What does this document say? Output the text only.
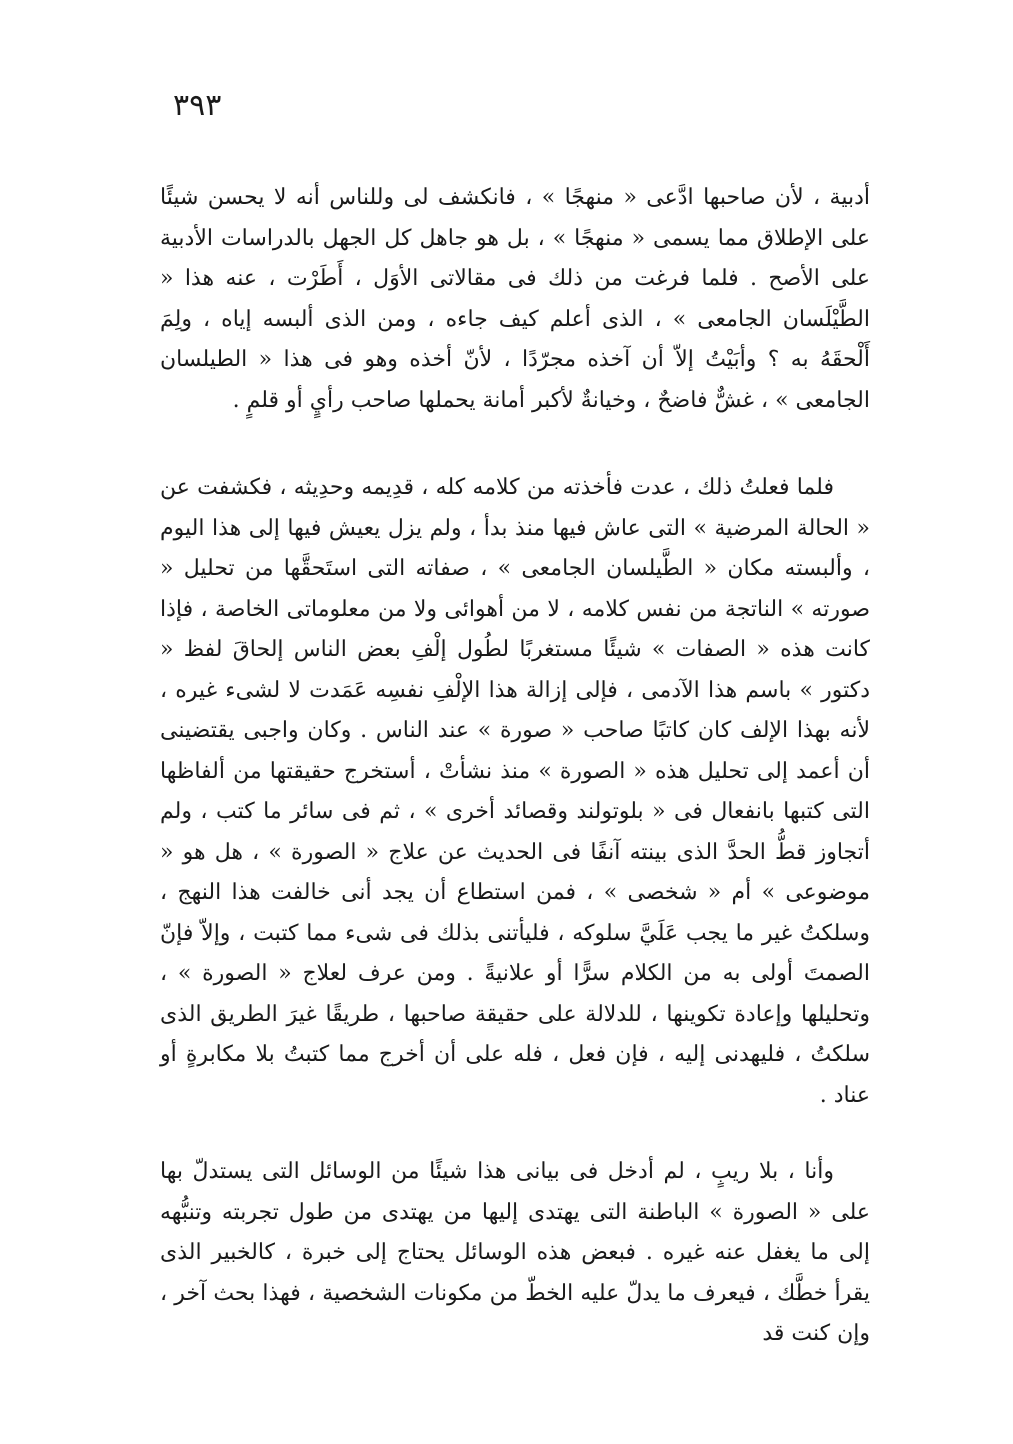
٣٩٣

أدبية ، لأن صاحبها ادَّعى « منهجًا » ، فانكشف لى وللناس أنه لا يحسن شيئًا على الإطلاق مما يسمى « منهجًا » ، بل هو جاهل كل الجهل بالدراسات الأدبية على الأصح . فلما فرغت من ذلك فى مقالاتى الأوَل ، أَطَرْت ، عنه هذا « الطَّيْلَسان الجامعى » ، الذى أعلم كيف جاءه ، ومن الذى ألبسه إياه ، ولِمَ أَلْحقَهُ به ؟ وأبَيْتُ إلاّ أن آخذه مجرّدًا ، لأنّ أخذه وهو فى هذا « الطيلسان الجامعى » ، غشٌّ فاضحٌ ، وخيانةٌ لأكبر أمانة يحملها صاحب رأيٍ أو قلمٍ .

فلما فعلتُ ذلك ، عدت فأخذته من كلامه كله ، قدِيمه وحدِيثه ، فكشفت عن « الحالة المرضية » التى عاش فيها منذ بدأ ، ولم يزل يعيش فيها إلى هذا اليوم ، وألبسته مكان « الطَّيلسان الجامعى » ، صفاته التى استَحقَّها من تحليل « صورته » الناتجة من نفس كلامه ، لا من أهوائى ولا من معلوماتى الخاصة ، فإذا كانت هذه « الصفات » شيئًا مستغربًا لطُول إلْفِ بعض الناس إلحاقَ لفظ « دكتور » باسم هذا الآدمى ، فإلى إزالة هذا الإلْفِ نفسِه عَمَدت لا لشىء غيره ، لأنه بهذا الإلف كان كاتبًا صاحب « صورة » عند الناس . وكان واجبى يقتضينى أن أعمد إلى تحليل هذه « الصورة » منذ نشأتْ ، أستخرج حقيقتها من ألفاظها التى كتبها بانفعال فى « بلوتولند وقصائد أخرى » ، ثم فى سائر ما كتب ، ولم أتجاوز قطُّ الحدَّ الذى بينته آنفًا فى الحديث عن علاج « الصورة » ، هل هو « موضوعى » أم « شخصى » ، فمن استطاع أن يجد أنى خالفت هذا النهج ، وسلكتُ غير ما يجب عَلَيَّ سلوكه ، فليأتنى بذلك فى شىء مما كتبت ، وإلاّ فإنّ الصمتَ أولى به من الكلام سرًّا أو علانيةً . ومن عرف لعلاج « الصورة » ، وتحليلها وإعادة تكوينها ، للدلالة على حقيقة صاحبها ، طريقًا غيرَ الطريق الذى سلكتُ ، فليهدنى إليه ، فإن فعل ، فله على أن أخرج مما كتبتُ بلا مكابرةٍ أو عناد .

وأنا ، بلا ريبٍ ، لم أدخل فى بيانى هذا شيئًا من الوسائل التى يستدلّ بها على « الصورة » الباطنة التى يهتدى إليها من يهتدى من طول تجربته وتنبُّهه إلى ما يغفل عنه غيره . فبعض هذه الوسائل يحتاج إلى خبرة ، كالخبير الذى يقرأ خطَّك ، فيعرف ما يدلّ عليه الخطّ من مكونات الشخصية ، فهذا بحث آخر ، وإن كنت قد
